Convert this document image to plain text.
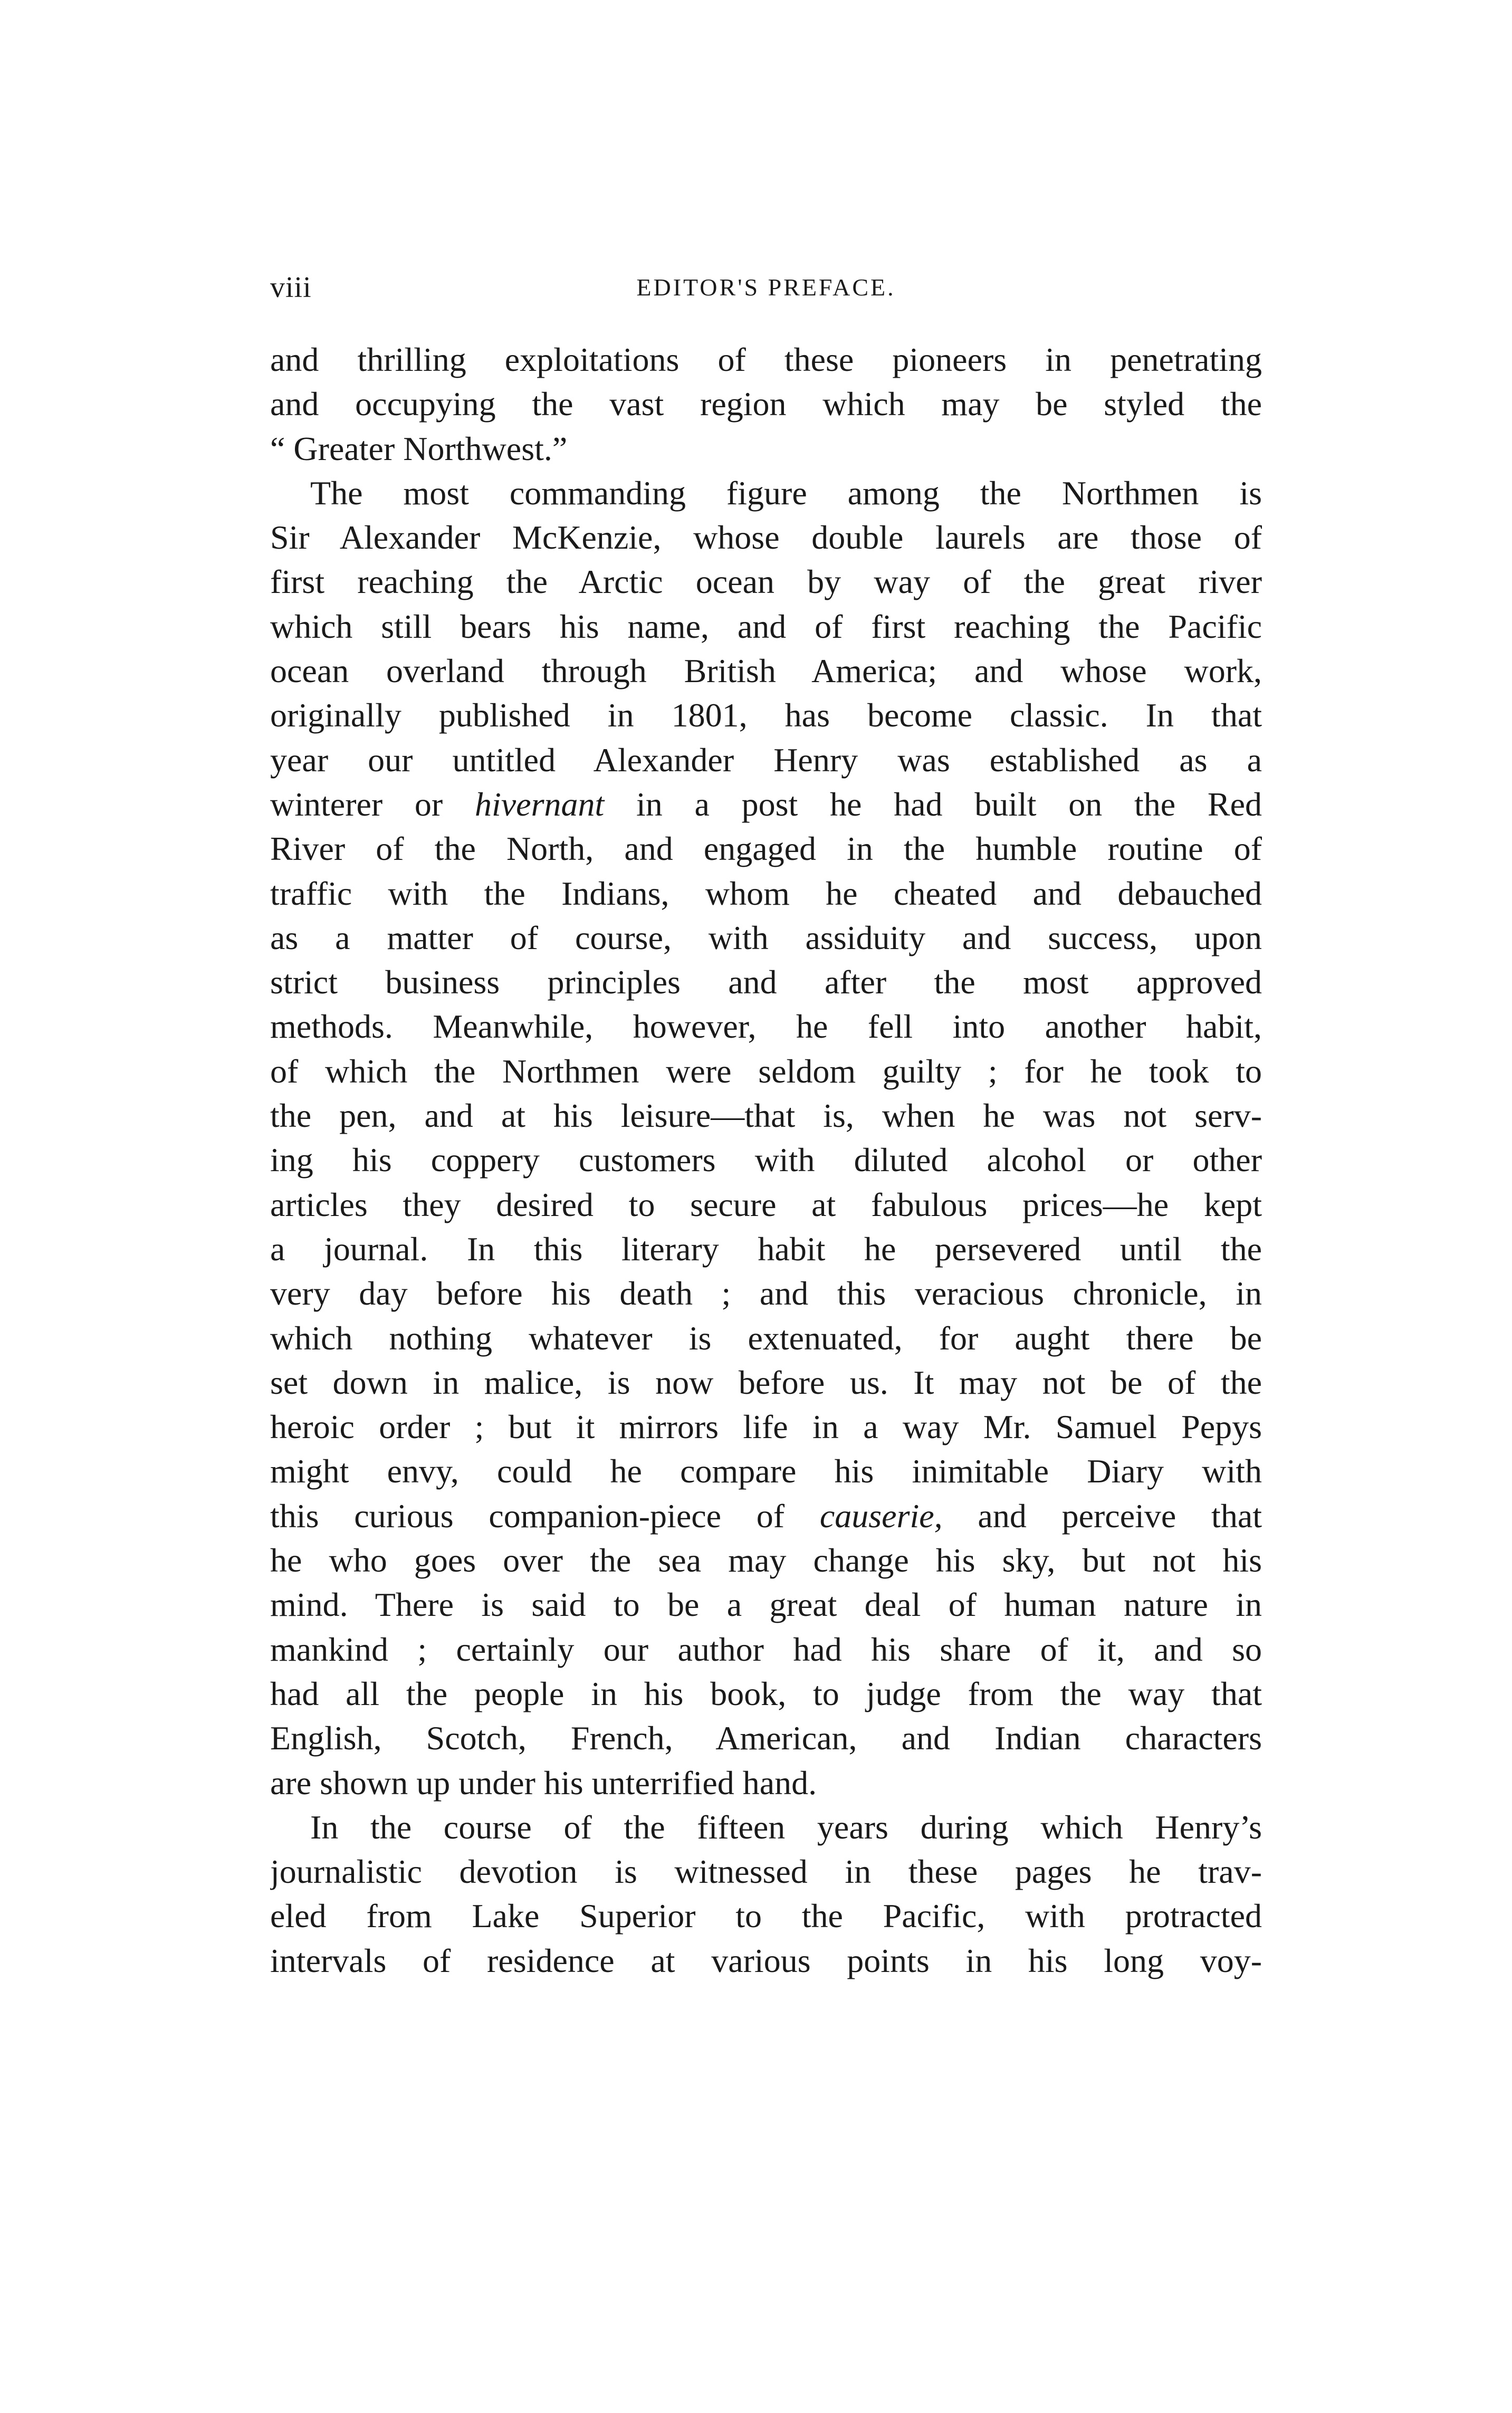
viii	EDITOR'S PREFACE.
and thrilling exploitations of these pioneers in penetrating
and occupying the vast region which may be styled the
“ Greater Northwest.”
The most commanding figure among the Northmen is
Sir Alexander McKenzie, whose double laurels are those of
first reaching the Arctic ocean by way of the great river
which still bears his name, and of first reaching the Pacific
ocean overland through British America; and whose work,
originally published in 1801, has become classic. In that
year our untitled Alexander Henry was established as a
winterer or hivernant in a post he had built on the Red
River of the North, and engaged in the humble routine of
traffic with the Indians, whom he cheated and debauched
as a matter of course, with assiduity and success, upon
strict business principles and after the most approved
methods. Meanwhile, however, he fell into another habit,
of which the Northmen were seldom guilty ; for he took to
the pen, and at his leisure—that is, when he was not serv-
ing his coppery customers with diluted alcohol or other
articles they desired to secure at fabulous prices—he kept
a journal. In this literary habit he persevered until the
very day before his death ; and this veracious chronicle, in
which nothing whatever is extenuated, for aught there be
set down in malice, is now before us. It may not be of the
heroic order ; but it mirrors life in a way Mr. Samuel Pepys
might envy, could he compare his inimitable Diary with
this curious companion-piece of causerie, and perceive that
he who goes over the sea may change his sky, but not his
mind. There is said to be a great deal of human nature in
mankind ; certainly our author had his share of it, and so
had all the people in his book, to judge from the way that
English, Scotch, French, American, and Indian characters
are shown up under his unterrified hand.
In the course of the fifteen years during which Henry’s
journalistic devotion is witnessed in these pages he trav-
eled from Lake Superior to the Pacific, with protracted
intervals of residence at various points in his long voy-
